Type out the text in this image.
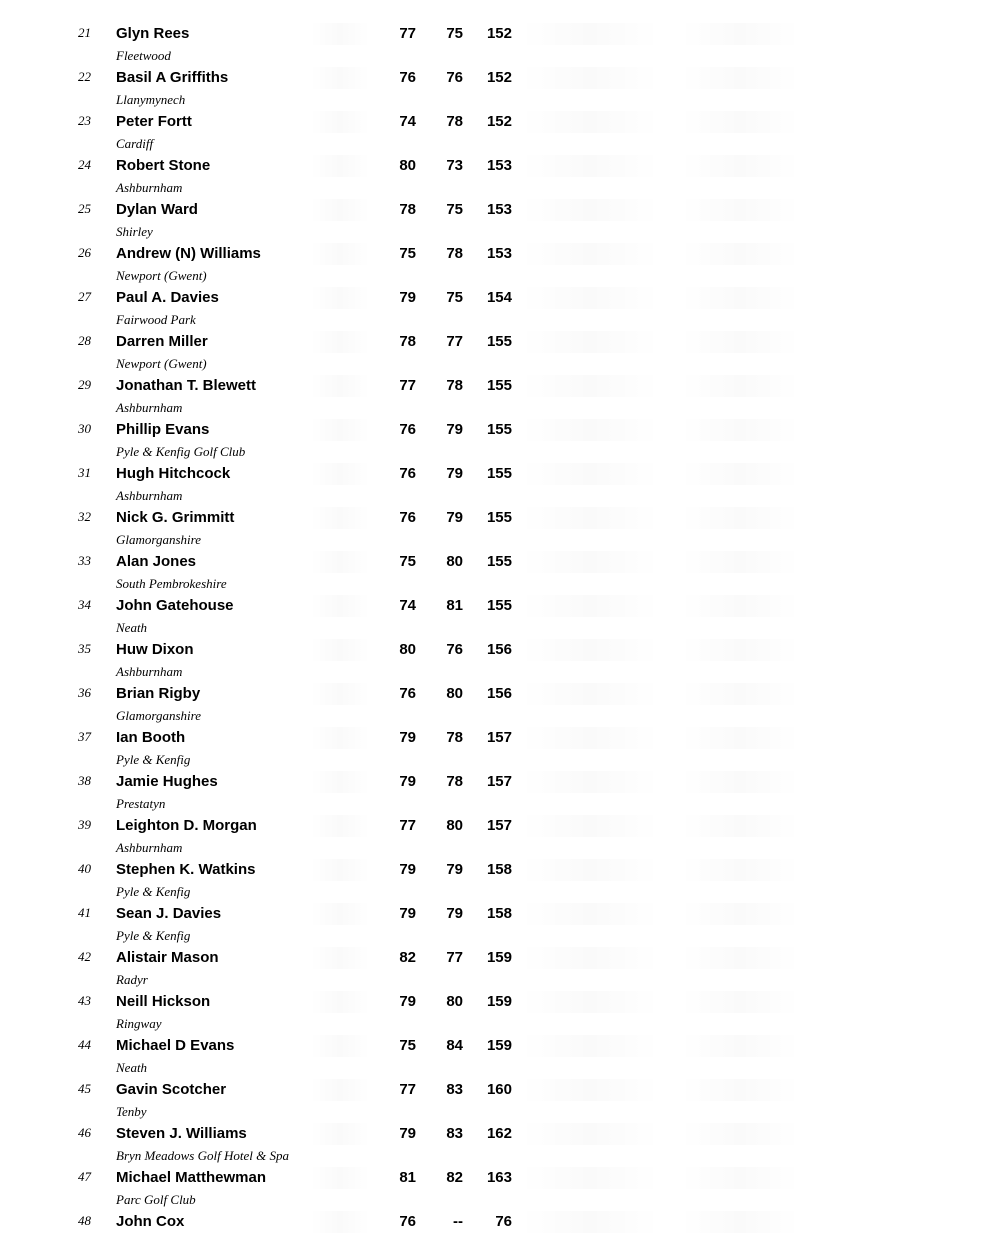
21 Glyn Rees	77	75	152
Fleetwood
22 Basil A Griffiths	76	76	152
Llanymynech
23 Peter Fortt	74	78	152
Cardiff
24 Robert Stone	80	73	153
Ashburnham
25 Dylan Ward	78	75	153
Shirley
26 Andrew (N) Williams	75	78	153
Newport (Gwent)
27 Paul A. Davies	79	75	154
Fairwood Park
28 Darren Miller	78	77	155
Newport (Gwent)
29 Jonathan T. Blewett	77	78	155
Ashburnham
30 Phillip Evans	76	79	155
Pyle & Kenfig Golf Club
31 Hugh Hitchcock	76	79	155
Ashburnham
32 Nick G. Grimmitt	76	79	155
Glamorganshire
33 Alan Jones	75	80	155
South Pembrokeshire
34 John Gatehouse	74	81	155
Neath
35 Huw Dixon	80	76	156
Ashburnham
36 Brian Rigby	76	80	156
Glamorganshire
37 Ian Booth	79	78	157
Pyle & Kenfig
38 Jamie Hughes	79	78	157
Prestatyn
39 Leighton D. Morgan	77	80	157
Ashburnham
40 Stephen K. Watkins	79	79	158
Pyle & Kenfig
41 Sean J. Davies	79	79	158
Pyle & Kenfig
42 Alistair Mason	82	77	159
Radyr
43 Neill Hickson	79	80	159
Ringway
44 Michael D Evans	75	84	159
Neath
45 Gavin Scotcher	77	83	160
Tenby
46 Steven J. Williams	79	83	162
Bryn Meadows Golf Hotel & Spa
47 Michael Matthewman	81	82	163
Parc Golf Club
48 John Cox	76	--	76
